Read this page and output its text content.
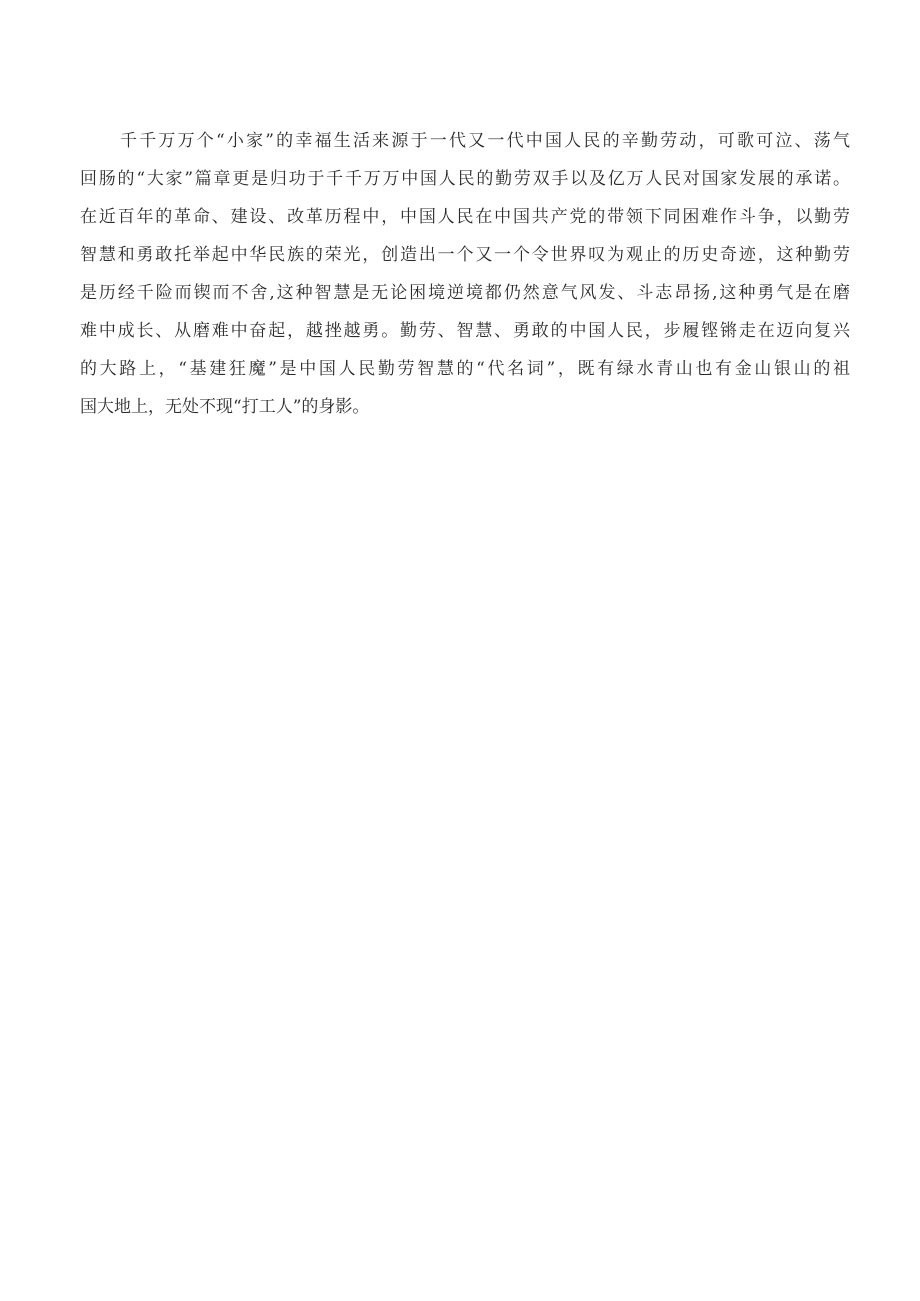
千千万万个“小家”的幸福生活来源于一代又一代中国人民的辛勤劳动，可歌可泣、荡气
回肠的“大家”篇章更是归功于千千万万中国人民的勤劳双手以及亿万人民对国家发展的承诺。
在近百年的革命、建设、改革历程中，中国人民在中国共产党的带领下同困难作斗争，以勤劳
智慧和勇敢托举起中华民族的荣光，创造出一个又一个令世界叹为观止的历史奇迹，这种勤劳
是历经千险而锲而不舍,这种智慧是无论困境逆境都仍然意气风发、斗志昂扬,这种勇气是在磨
难中成长、从磨难中奋起，越挫越勇。勤劳、智慧、勇敢的中国人民，步履铿锵走在迈向复兴
的大路上，“基建狂魔”是中国人民勤劳智慧的“代名词”，既有绿水青山也有金山银山的祖
国大地上，无处不现“打工人”的身影。
